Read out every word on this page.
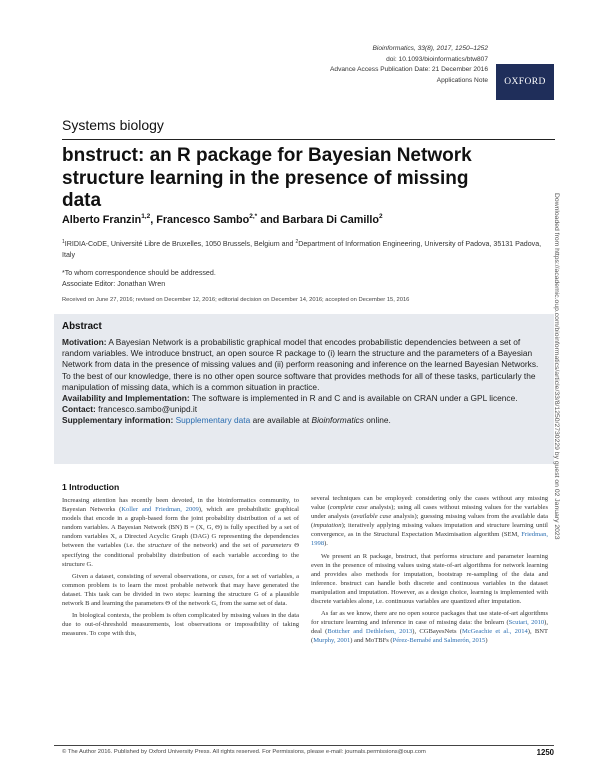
Bioinformatics, 33(8), 2017, 1250–1252
doi: 10.1093/bioinformatics/btw807
Advance Access Publication Date: 21 December 2016
Applications Note	OXFORD
Systems biology
bnstruct: an R package for Bayesian Network structure learning in the presence of missing data
Alberto Franzin$^{1,2}$, Francesco Sambo$^{2,*}$ and Barbara Di Camillo$^2$
$^1$IRIDIA-CoDE, Université Libre de Bruxelles, 1050 Brussels, Belgium and $^2$Department of Information Engineering, University of Padova, 35131 Padova, Italy
*To whom correspondence should be addressed.
Associate Editor: Jonathan Wren
Received on June 27, 2016; revised on December 12, 2016; editorial decision on December 14, 2016; accepted on December 15, 2016
Abstract
Motivation: A Bayesian Network is a probabilistic graphical model that encodes probabilistic dependencies between a set of random variables. We introduce bnstruct, an open source R package to (i) learn the structure and the parameters of a Bayesian Network from data in the presence of missing values and (ii) perform reasoning and inference on the learned Bayesian Networks. To the best of our knowledge, there is no other open source software that provides methods for all of these tasks, particularly the manipulation of missing data, which is a common situation in practice.
Availability and Implementation: The software is implemented in R and C and is available on CRAN under a GPL licence.
Contact: francesco.sambo@unipd.it
Supplementary information: Supplementary data are available at Bioinformatics online.
1 Introduction

Increasing attention has recently been devoted, in the bioinformatics community, to Bayesian Networks (Koller and Friedman, 2009), which are probabilistic graphical models that encode in a graph-based form the joint probability distribution of a set of random variables. A Bayesian Network (BN) B = (X, G, Θ) is fully specified by a set of random variables X, a Directed Acyclic Graph (DAG) G representing the dependencies between the variables (i.e. the structure of the network) and the set of parameters Θ specifying the conditional probability distribution of each variable according to the structure G.

Given a dataset, consisting of several observations, or cases, for a set of variables, a common problem is to learn the most probable network that may have generated the dataset. This task can be divided in two steps: learning the structure G of a plausible network B and learning the parameters Θ of the network G, from the same set of data.

In biological contexts, the problem is often complicated by missing values in the data due to out-of-threshold measurements, lost observations or impossibility of taking measures. To cope with this,

several techniques can be employed: considering only the cases without any missing value (complete case analysis); using all cases without missing values for the variables under analysis (available case analysis); guessing missing values from the available data (imputation); iteratively applying missing values imputation and structure learning until convergence, as in the Structural Expectation Maximisation algorithm (SEM, Friedman, 1998).

We present an R package, bnstruct, that performs structure and parameter learning even in the presence of missing values using state-of-art algorithms for network learning and provides also methods for imputation, bootstrap re-sampling of the data and inference. bnstruct can handle both discrete and continuous variables in the dataset manipulation and imputation. However, as a design choice, learning is implemented with discrete variables alone, i.e. continuous variables are quantized after imputation.

As far as we know, there are no open source packages that use state-of-art algorithms for structure learning and inference in case of missing data: the bnlearn (Scutari, 2010), deal (Bottcher and Dethlefsen, 2013), CGBayesNets (McGeachie et al., 2014), BNT (Murphy, 2001) and MoTBFs (Pérez-Bernabé and Salmerón, 2015)

© The Author 2016. Published by Oxford University Press. All rights reserved. For Permissions, please e-mail: journals.permissions@oup.com	1250
Downloaded from https://academic.oup.com/bioinformatics/article/33/8/1250/2730229 by guest on 02 January 2023
